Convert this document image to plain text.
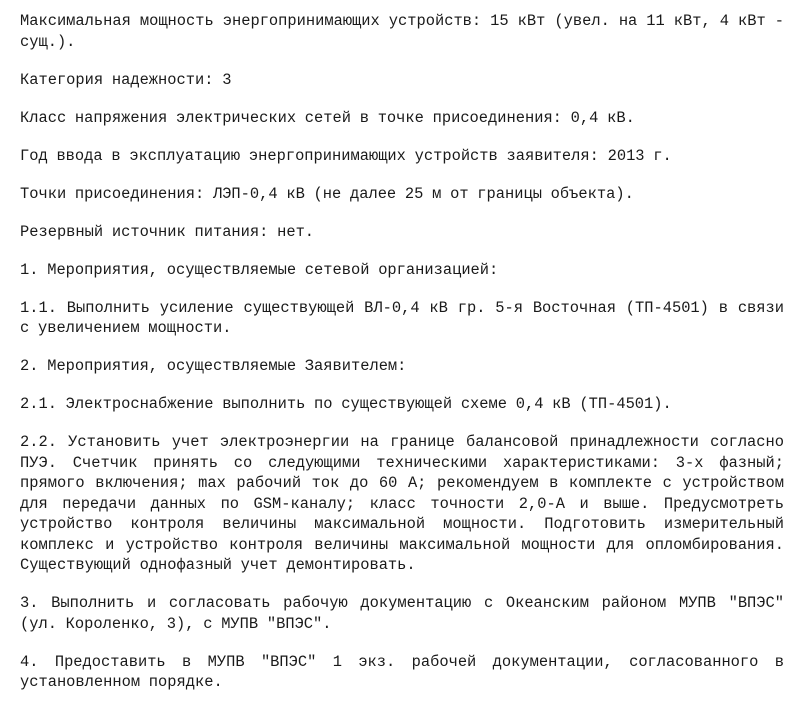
Максимальная мощность энергопринимающих устройств: 15 кВт (увел. на 11 кВт, 4 кВт - сущ.).

Категория надежности: 3

Класс напряжения электрических сетей в точке присоединения: 0,4 кВ.

Год ввода в эксплуатацию энергопринимающих устройств заявителя: 2013 г.

Точки присоединения: ЛЭП-0,4 кВ (не далее 25 м от границы объекта).

Резервный источник питания: нет.

1. Мероприятия, осуществляемые сетевой организацией:

1.1. Выполнить усиление существующей ВЛ-0,4 кВ гр. 5-я Восточная (ТП-4501) в связи с увеличением мощности.

2. Мероприятия, осуществляемые Заявителем:

2.1. Электроснабжение выполнить по существующей схеме 0,4 кВ (ТП-4501).

2.2. Установить учет электроэнергии на границе балансовой принадлежности согласно ПУЭ. Счетчик принять со следующими техническими характеристиками: 3-х фазный; прямого включения; max рабочий ток до 60 А; рекомендуем в комплекте с устройством для передачи данных по GSM-каналу; класс точности 2,0-А и выше. Предусмотреть устройство контроля величины максимальной мощности. Подготовить измерительный комплекс и устройство контроля величины максимальной мощности для опломбирования. Существующий однофазный учет демонтировать.

3. Выполнить и согласовать рабочую документацию с Океанским районом МУПВ "ВПЭС" (ул. Короленко, 3), с МУПВ "ВПЭС".

4. Предоставить в МУПВ "ВПЭС" 1 экз. рабочей документации, согласованного в установленном порядке.
